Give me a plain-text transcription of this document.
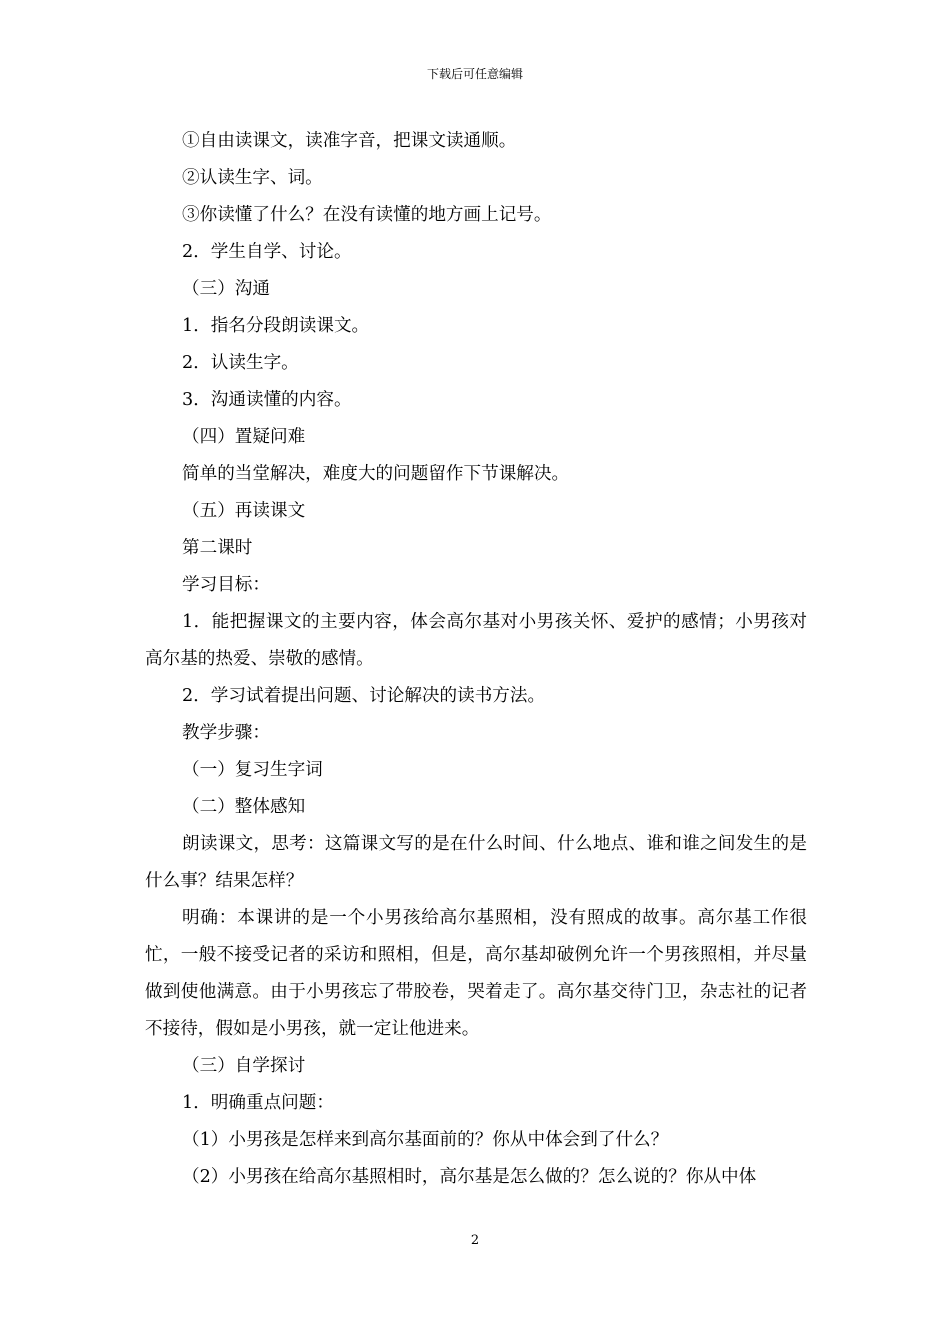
下载后可任意编辑

①自由读课文，读准字音，把课文读通顺。

②认读生字、词。

③你读懂了什么？在没有读懂的地方画上记号。

2．学生自学、讨论。

（三）沟通

1．指名分段朗读课文。

2．认读生字。

3．沟通读懂的内容。

（四）置疑问难

简单的当堂解决，难度大的问题留作下节课解决。

（五）再读课文

第二课时

学习目标：

1．能把握课文的主要内容，体会高尔基对小男孩关怀、爱护的感情；小男孩对高尔基的热爱、崇敬的感情。

2．学习试着提出问题、讨论解决的读书方法。

教学步骤：

（一）复习生字词

（二）整体感知

朗读课文，思考：这篇课文写的是在什么时间、什么地点、谁和谁之间发生的是什么事？结果怎样？

明确：本课讲的是一个小男孩给高尔基照相，没有照成的故事。高尔基工作很忙，一般不接受记者的采访和照相，但是，高尔基却破例允许一个男孩照相，并尽量做到使他满意。由于小男孩忘了带胶卷，哭着走了。高尔基交待门卫，杂志社的记者不接待，假如是小男孩，就一定让他进来。

（三）自学探讨

1．明确重点问题：

（1）小男孩是怎样来到高尔基面前的？你从中体会到了什么？

（2）小男孩在给高尔基照相时，高尔基是怎么做的？怎么说的？你从中体

2
